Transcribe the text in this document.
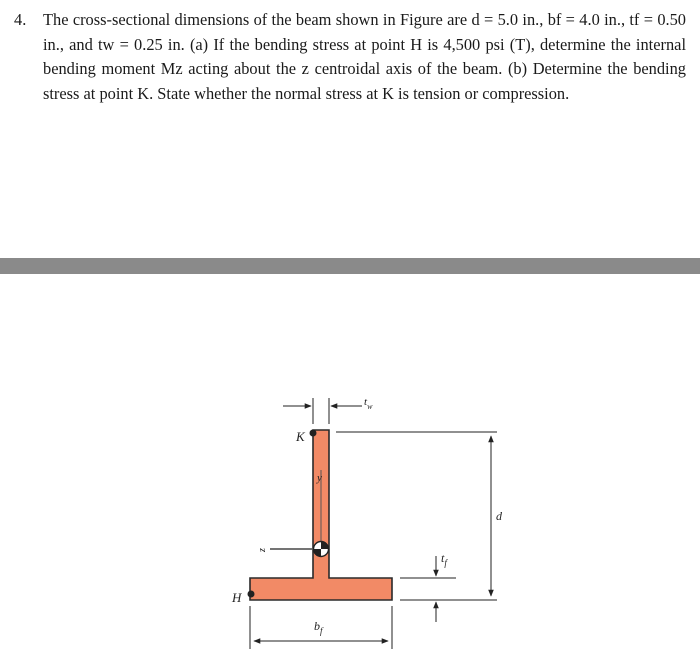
4. The cross-sectional dimensions of the beam shown in Figure are d = 5.0 in., bf = 4.0 in., tf = 0.50 in., and tw = 0.25 in. (a) If the bending stress at point H is 4,500 psi (T), determine the internal bending moment Mz acting about the z centroidal axis of the beam. (b) Determine the bending stress at point K. State whether the normal stress at K is tension or compression.
K
H
y
z
d
$b_f$
$t_f$
$t_w$
